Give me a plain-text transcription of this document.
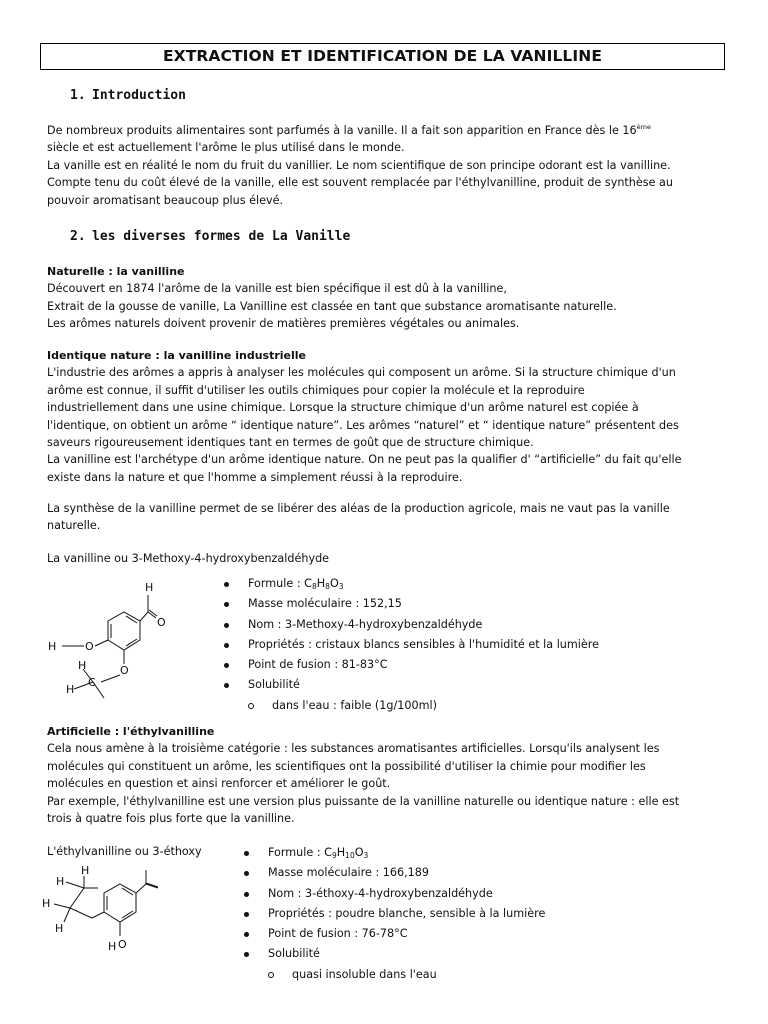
EXTRACTION ET IDENTIFICATION DE LA VANILLINE
1. Introduction
De nombreux produits alimentaires sont parfumés à la vanille. Il a fait son apparition en France dès le 16ème
siècle et est actuellement l'arôme le plus utilisé dans le monde.
La vanille est en réalité le nom du fruit du vanillier. Le nom scientifique de son principe odorant est la vanilline.
Compte tenu du coût élevé de la vanille, elle est souvent remplacée par l'éthylvanilline, produit de synthèse au
pouvoir aromatisant beaucoup plus élevé.
2. les diverses formes de La Vanille
Naturelle : la vanilline
Découvert en 1874 l'arôme de la vanille est bien spécifique il est dû à la vanilline,
Extrait de la gousse de vanille, La Vanilline est classée en tant que substance aromatisante naturelle.
Les arômes naturels doivent provenir de matières premières végétales ou animales.
Identique nature : la vanilline industrielle
L'industrie des arômes a appris à analyser les molécules qui composent un arôme. Si la structure chimique d'un
arôme est connue, il suffit d'utiliser les outils chimiques pour copier la molécule et la reproduire
industriellement dans une usine chimique. Lorsque la structure chimique d'un arôme naturel est copiée à
l'identique, on obtient un arôme “ identique nature”. Les arômes “naturel” et “ identique nature” présentent des
saveurs rigoureusement identiques tant en termes de goût que de structure chimique.
La vanilline est l'archétype d'un arôme identique nature. On ne peut pas la qualifier d' “artificielle” du fait qu'elle
existe dans la nature et que l'homme a simplement réussi à la reproduire.
La synthèse de la vanilline permet de se libérer des aléas de la production agricole, mais ne vaut pas la vanille
naturelle.
La vanilline ou 3-Methoxy-4-hydroxybenzaldéhyde
H
O
H	O
H
C
H
O
Formule : $C_8H_8O_3$
Masse moléculaire : 152,15
Nom : 3-Methoxy-4-hydroxybenzaldéhyde
Propriétés : cristaux blancs sensibles à l'humidité et la lumière
Point de fusion : 81-83°C
Solubilité
dans l'eau : faible (1g/100ml)
Artificielle : l'éthylvanilline
Cela nous amène à la troisième catégorie : les substances aromatisantes artificielles. Lorsqu'ils analysent les
molécules qui constituent un arôme, les scientifiques ont la possibilité d'utiliser la chimie pour modifier les
molécules en question et ainsi renforcer et améliorer le goût.
Par exemple, l'éthylvanilline est une version plus puissante de la vanilline naturelle ou identique nature : elle est
trois à quatre fois plus forte que la vanilline.
L'éthylvanilline ou 3-éthoxy
H
H
H
H
H O
Formule : $C_9H_{10}O_3$
Masse moléculaire : 166,189
Nom : 3-éthoxy-4-hydroxybenzaldéhyde
Propriétés : poudre blanche, sensible à la lumière
Point de fusion : 76-78°C
Solubilité
quasi insoluble dans l'eau
